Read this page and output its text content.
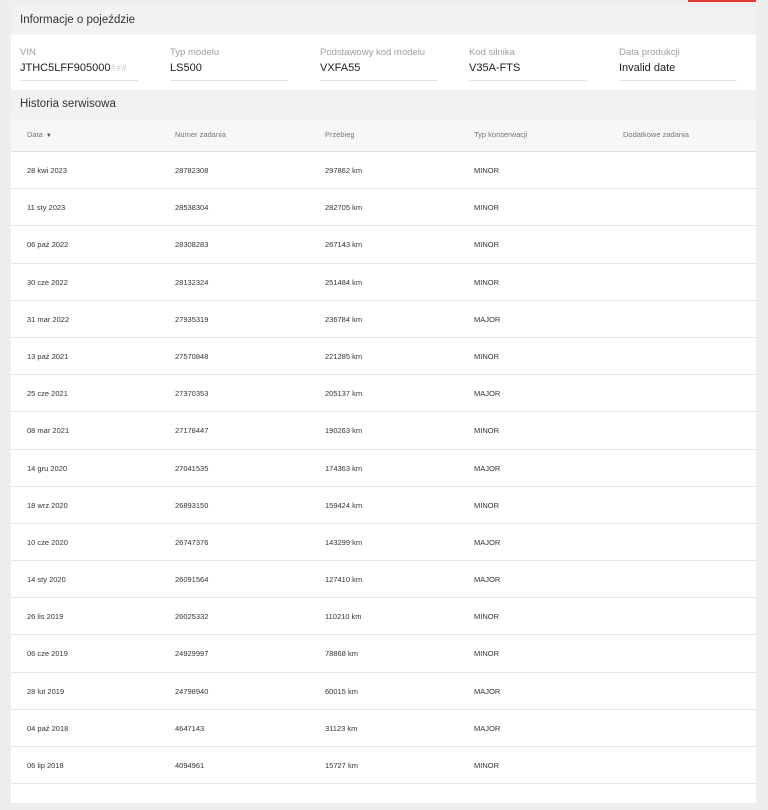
Informacje o pojeździe
VIN
JTHC5LFF905000###
Typ modelu
LS500
Podstawowy kod modelu
VXFA55
Kod silnika
V35A-FTS
Data produkcji
Invalid date
Historia serwisowa
Data ▼	Numer zadania	Przebieg	Typ konserwacji	Dodatkowe zadania
28 kwi 2023	28782308	297862 km	MINOR
11 sty 2023	28538304	282705 km	MINOR
06 paź 2022	28308283	267143 km	MINOR
30 cze 2022	28132324	251484 km	MINOR
31 mar 2022	27935319	236784 km	MAJOR
13 paź 2021	27570848	221285 km	MINOR
25 cze 2021	27370353	205137 km	MAJOR
08 mar 2021	27178447	190263 km	MINOR
14 gru 2020	27041535	174363 km	MAJOR
18 wrz 2020	26893150	159424 km	MINOR
10 cze 2020	26747376	143299 km	MAJOR
14 sty 2020	26091564	127410 km	MAJOR
26 lis 2019	26025332	110210 km	MINOR
06 cze 2019	24929997	78868 km	MINOR
28 lut 2019	24798940	60015 km	MAJOR
04 paź 2018	4647143	31123 km	MAJOR
06 lip 2018	4094961	15727 km	MINOR
